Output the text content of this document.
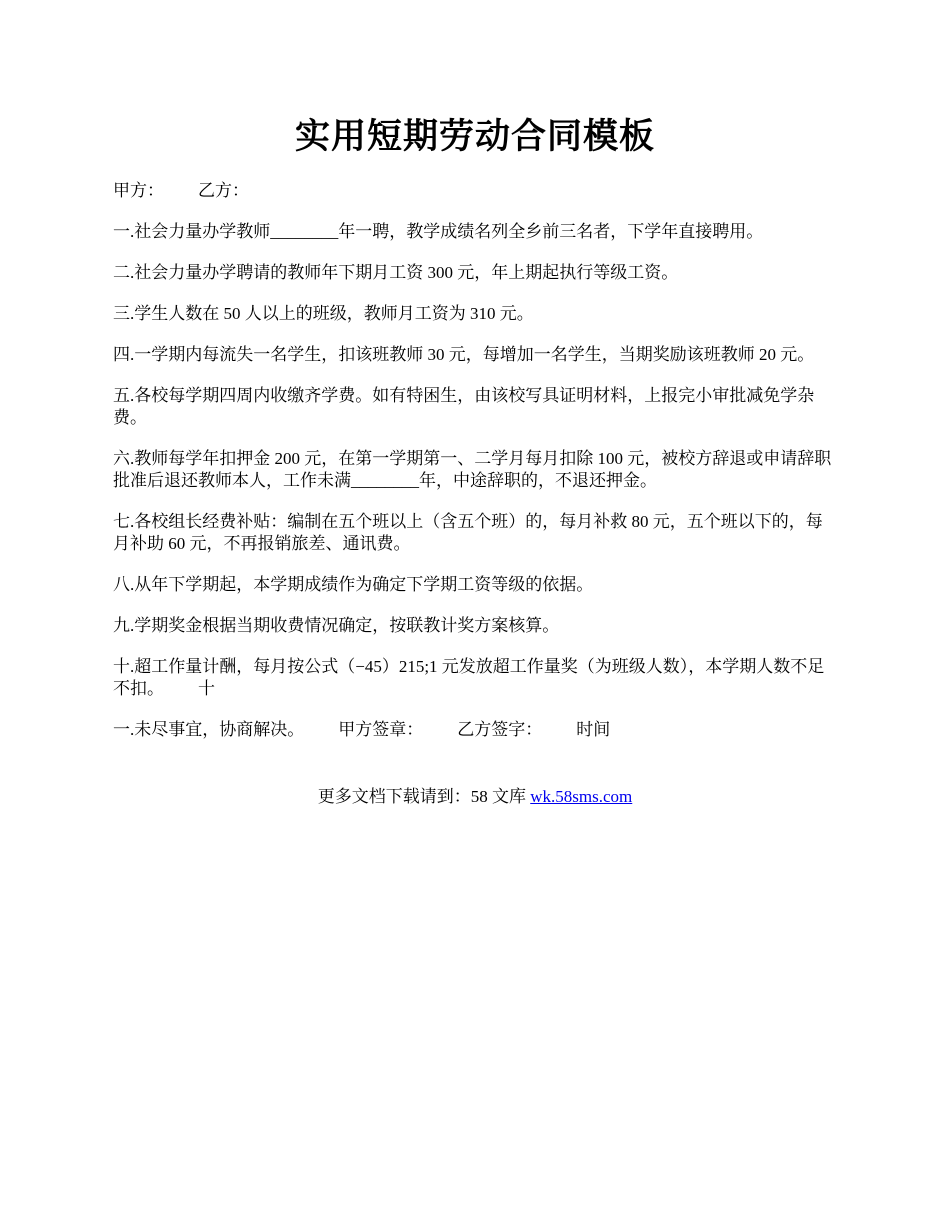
实用短期劳动合同模板

甲方：        乙方：

一.社会力量办学教师________年一聘，教学成绩名列全乡前三名者，下学年直接聘用。

二.社会力量办学聘请的教师年下期月工资 300 元，年上期起执行等级工资。

三.学生人数在 50 人以上的班级，教师月工资为 310 元。

四.一学期内每流失一名学生，扣该班教师 30 元，每增加一名学生，当期奖励该班教师 20 元。

五.各校每学期四周内收缴齐学费。如有特困生，由该校写具证明材料，上报完小审批减免学杂费。

六.教师每学年扣押金 200 元，在第一学期第一、二学月每月扣除 100 元，被校方辞退或申请辞职批准后退还教师本人，工作未满________年，中途辞职的，不退还押金。

七.各校组长经费补贴：编制在五个班以上（含五个班）的，每月补救 80 元，五个班以下的，每月补助 60 元，不再报销旅差、通讯费。

八.从年下学期起，本学期成绩作为确定下学期工资等级的依据。

九.学期奖金根据当期收费情况确定，按联教计奖方案核算。

十.超工作量计酬，每月按公式（−45）215;1 元发放超工作量奖（为班级人数），本学期人数不足不扣。        十

一.未尽事宜，协商解决。        甲方签章：        乙方签字：        时间

更多文档下载请到：58 文库 wk.58sms.com
